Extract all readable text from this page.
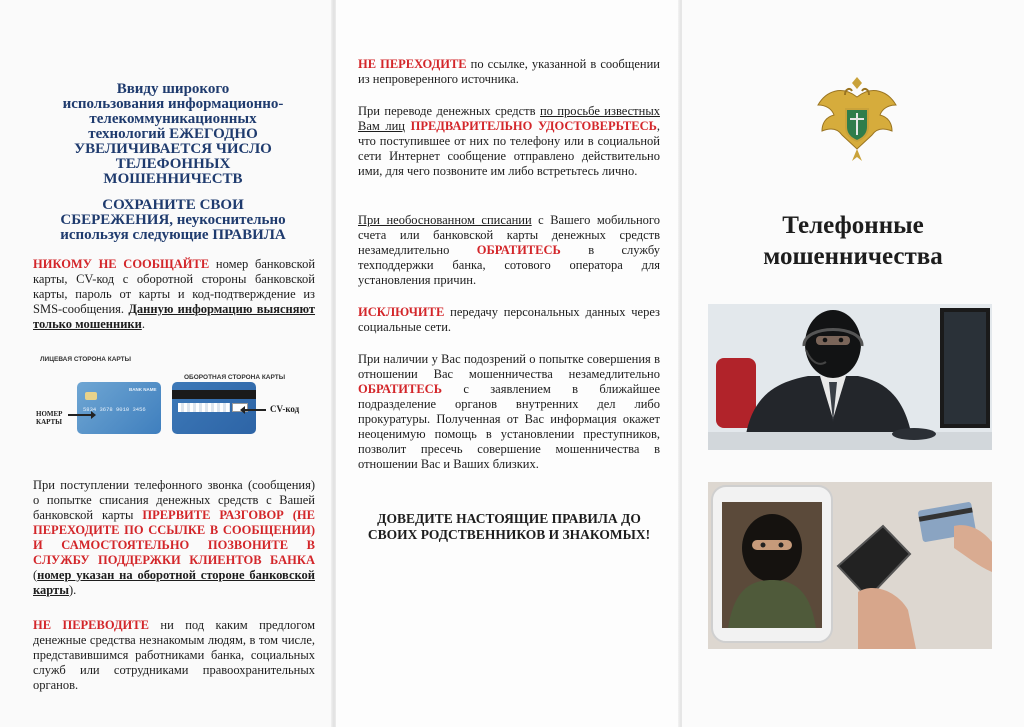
Ввиду широкого
использования информационно-
телекоммуникационных
технологий ЕЖЕГОДНО
УВЕЛИЧИВАЕТСЯ ЧИСЛО
ТЕЛЕФОННЫХ
МОШЕННИЧЕСТВ
СОХРАНИТЕ СВОИ
СБЕРЕЖЕНИЯ, неукоснительно
используя следующие ПРАВИЛА

НИКОМУ НЕ СООБЩАЙТЕ номер банковской карты, CV-код с оборотной стороны банковской карты, пароль от карты и код-подтверждение из SMS-сообщения. Данную информацию выясняют только мошенники.

ЛИЦЕВАЯ СТОРОНА КАРТЫ
ОБОРОТНАЯ СТОРОНА КАРТЫ
BANK NAME
5834 3678 9010 3456
НОМЕР КАРТЫ
CV-код

При поступлении телефонного звонка (сообщения) о попытке списания денежных средств с Вашей банковской карты ПРЕРВИТЕ РАЗГОВОР (НЕ ПЕРЕХОДИТЕ ПО ССЫЛКЕ В СООБЩЕНИИ) И САМОСТОЯТЕЛЬНО ПОЗВОНИТЕ В СЛУЖБУ ПОДДЕРЖКИ КЛИЕНТОВ БАНКА (номер указан на оборотной стороне банковской карты).

НЕ ПЕРЕВОДИТЕ ни под каким предлогом денежные средства незнакомым людям, в том числе, представившимся работниками банка, социальных служб или сотрудниками правоохранительных органов.

НЕ ПЕРЕХОДИТЕ по ссылке, указанной в сообщении из непроверенного источника.

При переводе денежных средств по просьбе известных Вам лиц ПРЕДВАРИТЕЛЬНО УДОСТОВЕРЬТЕСЬ, что поступившее от них по телефону или в социальной сети Интернет сообщение отправлено действительно ими, для чего позвоните им либо встретьтесь лично.

При необоснованном списании с Вашего мобильного счета или банковской карты денежных средств незамедлительно ОБРАТИТЕСЬ в службу техподдержки банка, сотового оператора для установления причин.

ИСКЛЮЧИТЕ передачу персональных данных через социальные сети.

При наличии у Вас подозрений о попытке совершения в отношении Вас мошенничества незамедлительно ОБРАТИТЕСЬ с заявлением в ближайшее подразделение органов внутренних дел либо прокуратуры. Полученная от Вас информация окажет неоценимую помощь в установлении преступников, позволит пресечь совершение мошенничества в отношении Вас и Ваших близких.

ДОВЕДИТЕ НАСТОЯЩИЕ ПРАВИЛА ДО СВОИХ РОДСТВЕННИКОВ И ЗНАКОМЫХ!
Телефонные
мошенничества
